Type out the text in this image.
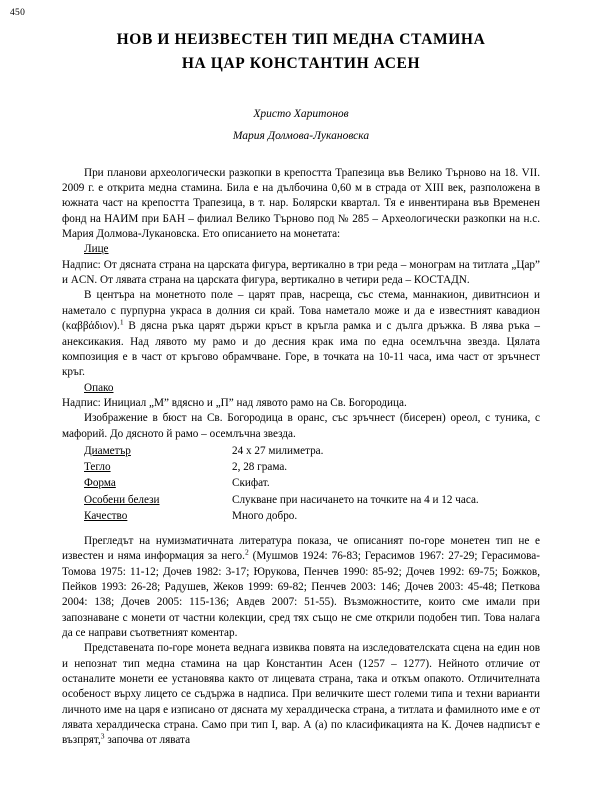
450
НОВ И НЕИЗВЕСТЕН ТИП МЕДНА СТАМИНА
НА ЦАР КОНСТАНТИН АСЕН
Христо Харитонов
Мария Долмова-Лукановска

При планови археологически разкопки в крепостта Трапезица във Велико Търново на 18. VII. 2009 г. е открита медна стамина. Била е на дълбочина 0,60 м в страда от XIII век, разположена в южната част на крепостта Трапезица, в т. нар. Болярски квартал. Тя е инвентирана във Временен фонд на НАИМ при БАН – филиал Велико Търново под № 285 – Археологически разкопки на н.с. Мария Долмова-Лукановска. Ето описанието на монетата:

Лице

Надпис: От дясната страна на царската фигура, вертикално в три реда – монограм на титлата „Цар” и ACN. От лявата страна на царската фигура, вертикално в четири реда – КОСТАДN.

В центъра на монетното поле – царят прав, насреща, със стема, маннакион, дивитнсион и наметало с пурпурна украса в долния си край. Това наметало може и да е известният кавадион (καββάδιον).$^1$ В дясна ръка царят държи кръст в кръгла рамка и с дълга дръжка. В лява ръка – анексикакия. Над лявото му рамо и до десния крак има по една осемлъчна звезда. Цялата композиция е в част от кръгово обрамчване. Горе, в точката на 10-11 часа, има част от зръчнест кръг.

Опако

Надпис: Инициал „М” вдясно и „П” над лявото рамо на Св. Богородица.

Изображение в бюст на Св. Богородица в оранс, със зръчнест (бисерен) ореол, с туника, с мафорий. До дясното й рамо – осемлъчна звезда.

Диаметър	24 х 27 милиметра.
Тегло	2, 28 грама.
Форма	Скифат.
Особени белези	Слукване при насичането на точките на 4 и 12 часа.
Качество	Много добро.

Прегледът на нумизматичната литература показа, че описаният по-горе монетен тип не е известен и няма информация за него.$^2$ (Мушмов 1924: 76-83; Герасимов 1967: 27-29; Герасимова-Томова 1975: 11-12; Дочев 1982: 3-17; Юруковa, Пенчев 1990: 85-92; Дочев 1992: 69-75; Божков, Пейков 1993: 26-28; Радушев, Жеков 1999: 69-82; Пенчев 2003: 146; Дочев 2003: 45-48; Петкова 2004: 138; Дочев 2005: 115-136; Авдев 2007: 51-55). Възможностите, които сме имали при запознаване с монети от частни колекции, сред тях също не сме открили подобен тип. Това налага да се направи съответният коментар.

Представената по-горе монета веднага извиква повята на изследователската сцена на един нов и непознат тип медна стамина на цар Константин Асен (1257 – 1277). Нейното отличие от останалите монети ее установява както от лицевата страна, така и откъм опакото. Отличителната особеност върху лицето се съдържа в надписа. При величките шест големи типа и техни варианти личното име на царя е изписано от дясната му хералдическа страна, а титлата и фамилното име е от лявата хералдическа страна. Само при тип I, вар. А (а) по класификацията на К. Дочев надписът е възпрят,$^3$ започва от лявата
